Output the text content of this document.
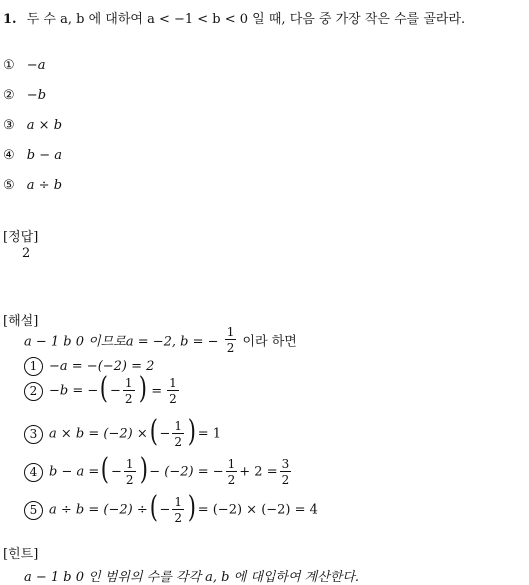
1. 두 수 a, b 에 대하여 a < −1 < b < 0 일 때, 다음 중 가장 작은 수를 골라라.
① −a
② −b
③ a × b
④ b − a
⑤ a ÷ b
[정답]
2
[해설]
a − 1 b 0 이므로a = −2, b = − $\frac{1}{2}$ 이라 하면
1 −a = −(−2) = 2
2 −b = −( − $\frac{1}{2}$ ) = $\frac{1}{2}$
3 a × b = (−2) ×( − $\frac{1}{2}$ ) = 1
4 b − a =( − $\frac{1}{2}$ ) − (−2) = − $\frac{1}{2} + 2 = \frac{3}{2}$
5 a ÷ b = (−2) ÷( − $\frac{1}{2}$ ) = (−2) × (−2) = 4
[힌트]
a − 1 b 0 인 범위의 수를 각각 a, b 에 대입하여 계산한다.
